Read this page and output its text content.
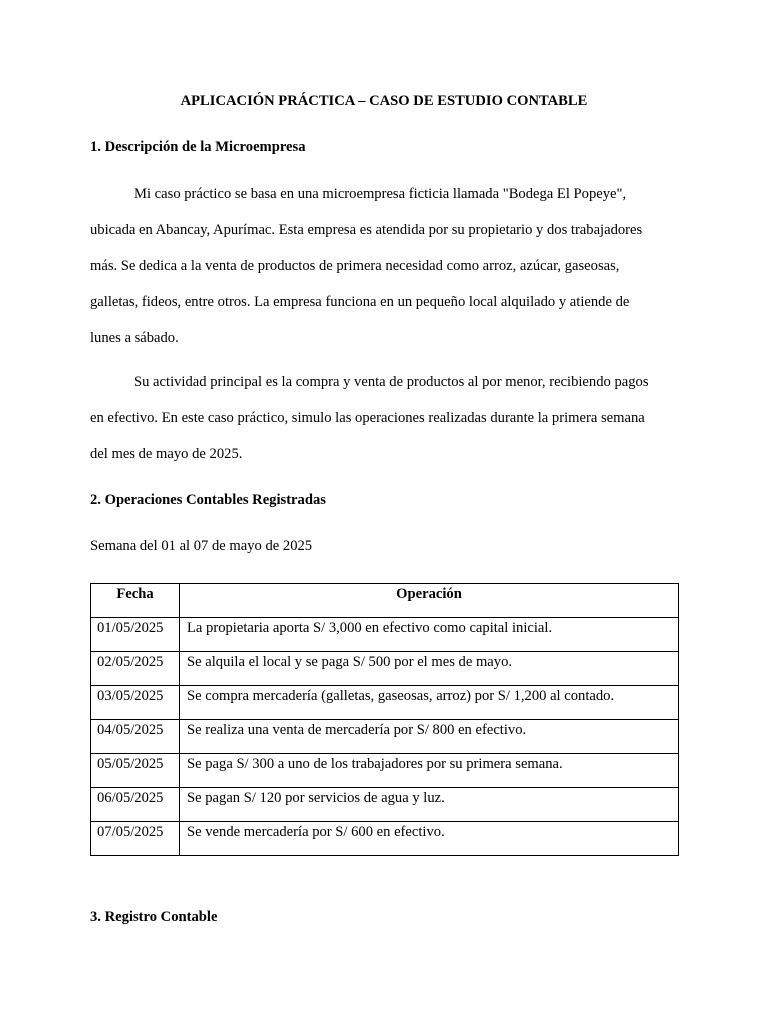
APLICACIÓN PRÁCTICA – CASO DE ESTUDIO CONTABLE
1. Descripción de la Microempresa
Mi caso práctico se basa en una microempresa ficticia llamada "Bodega El Popeye",
ubicada en Abancay, Apurímac. Esta empresa es atendida por su propietario y dos trabajadores
más. Se dedica a la venta de productos de primera necesidad como arroz, azúcar, gaseosas,
galletas, fideos, entre otros. La empresa funciona en un pequeño local alquilado y atiende de
lunes a sábado.
Su actividad principal es la compra y venta de productos al por menor, recibiendo pagos
en efectivo. En este caso práctico, simulo las operaciones realizadas durante la primera semana
del mes de mayo de 2025.
2. Operaciones Contables Registradas
Semana del 01 al 07 de mayo de 2025
Fecha	Operación
01/05/2025	La propietaria aporta S/ 3,000 en efectivo como capital inicial.
02/05/2025	Se alquila el local y se paga S/ 500 por el mes de mayo.
03/05/2025	Se compra mercadería (galletas, gaseosas, arroz) por S/ 1,200 al contado.
04/05/2025	Se realiza una venta de mercadería por S/ 800 en efectivo.
05/05/2025	Se paga S/ 300 a uno de los trabajadores por su primera semana.
06/05/2025	Se pagan S/ 120 por servicios de agua y luz.
07/05/2025	Se vende mercadería por S/ 600 en efectivo.
3. Registro Contable
